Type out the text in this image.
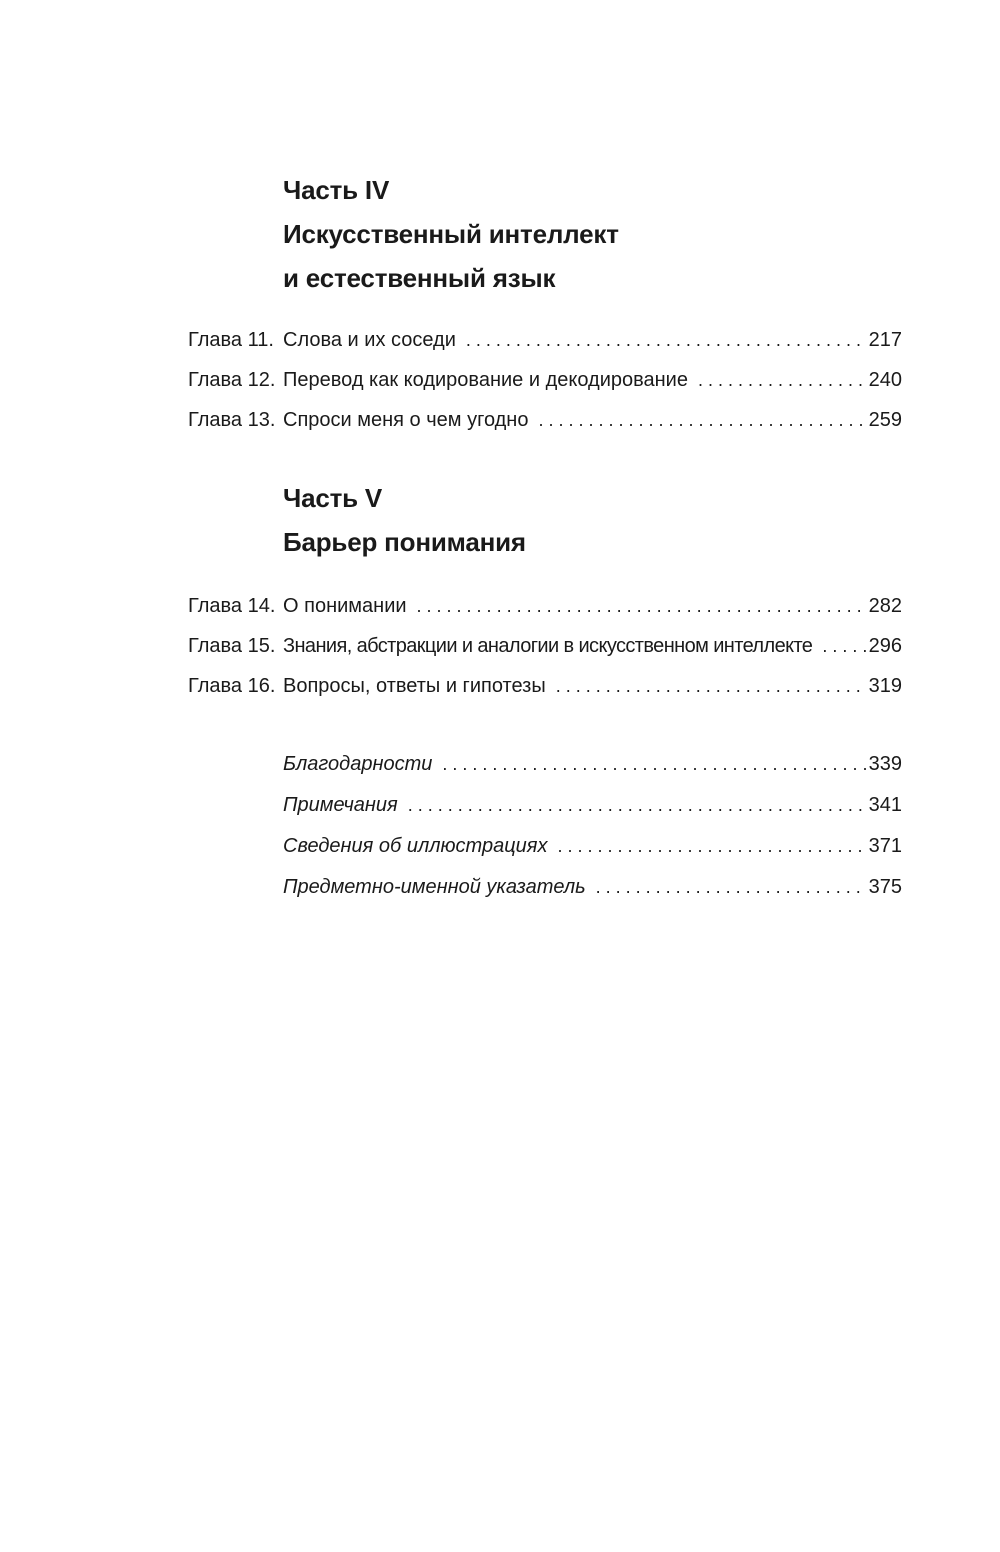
Часть IV
Искусственный интеллект
и естественный язык
Глава 11. Слова и их соседи . . .	217
Глава 12. Перевод как кодирование и декодирование . . .	240
Глава 13. Спроси меня о чем угодно . . .	259
Часть V
Барьер понимания
Глава 14. О понимании . . .	282
Глава 15. Знания, абстракции и аналогии в искусственном интеллекте . . .	296
Глава 16. Вопросы, ответы и гипотезы . . .	319
Благодарности . . .	339
Примечания . . .	341
Сведения об иллюстрациях . . .	371
Предметно-именной указатель . . .	375
